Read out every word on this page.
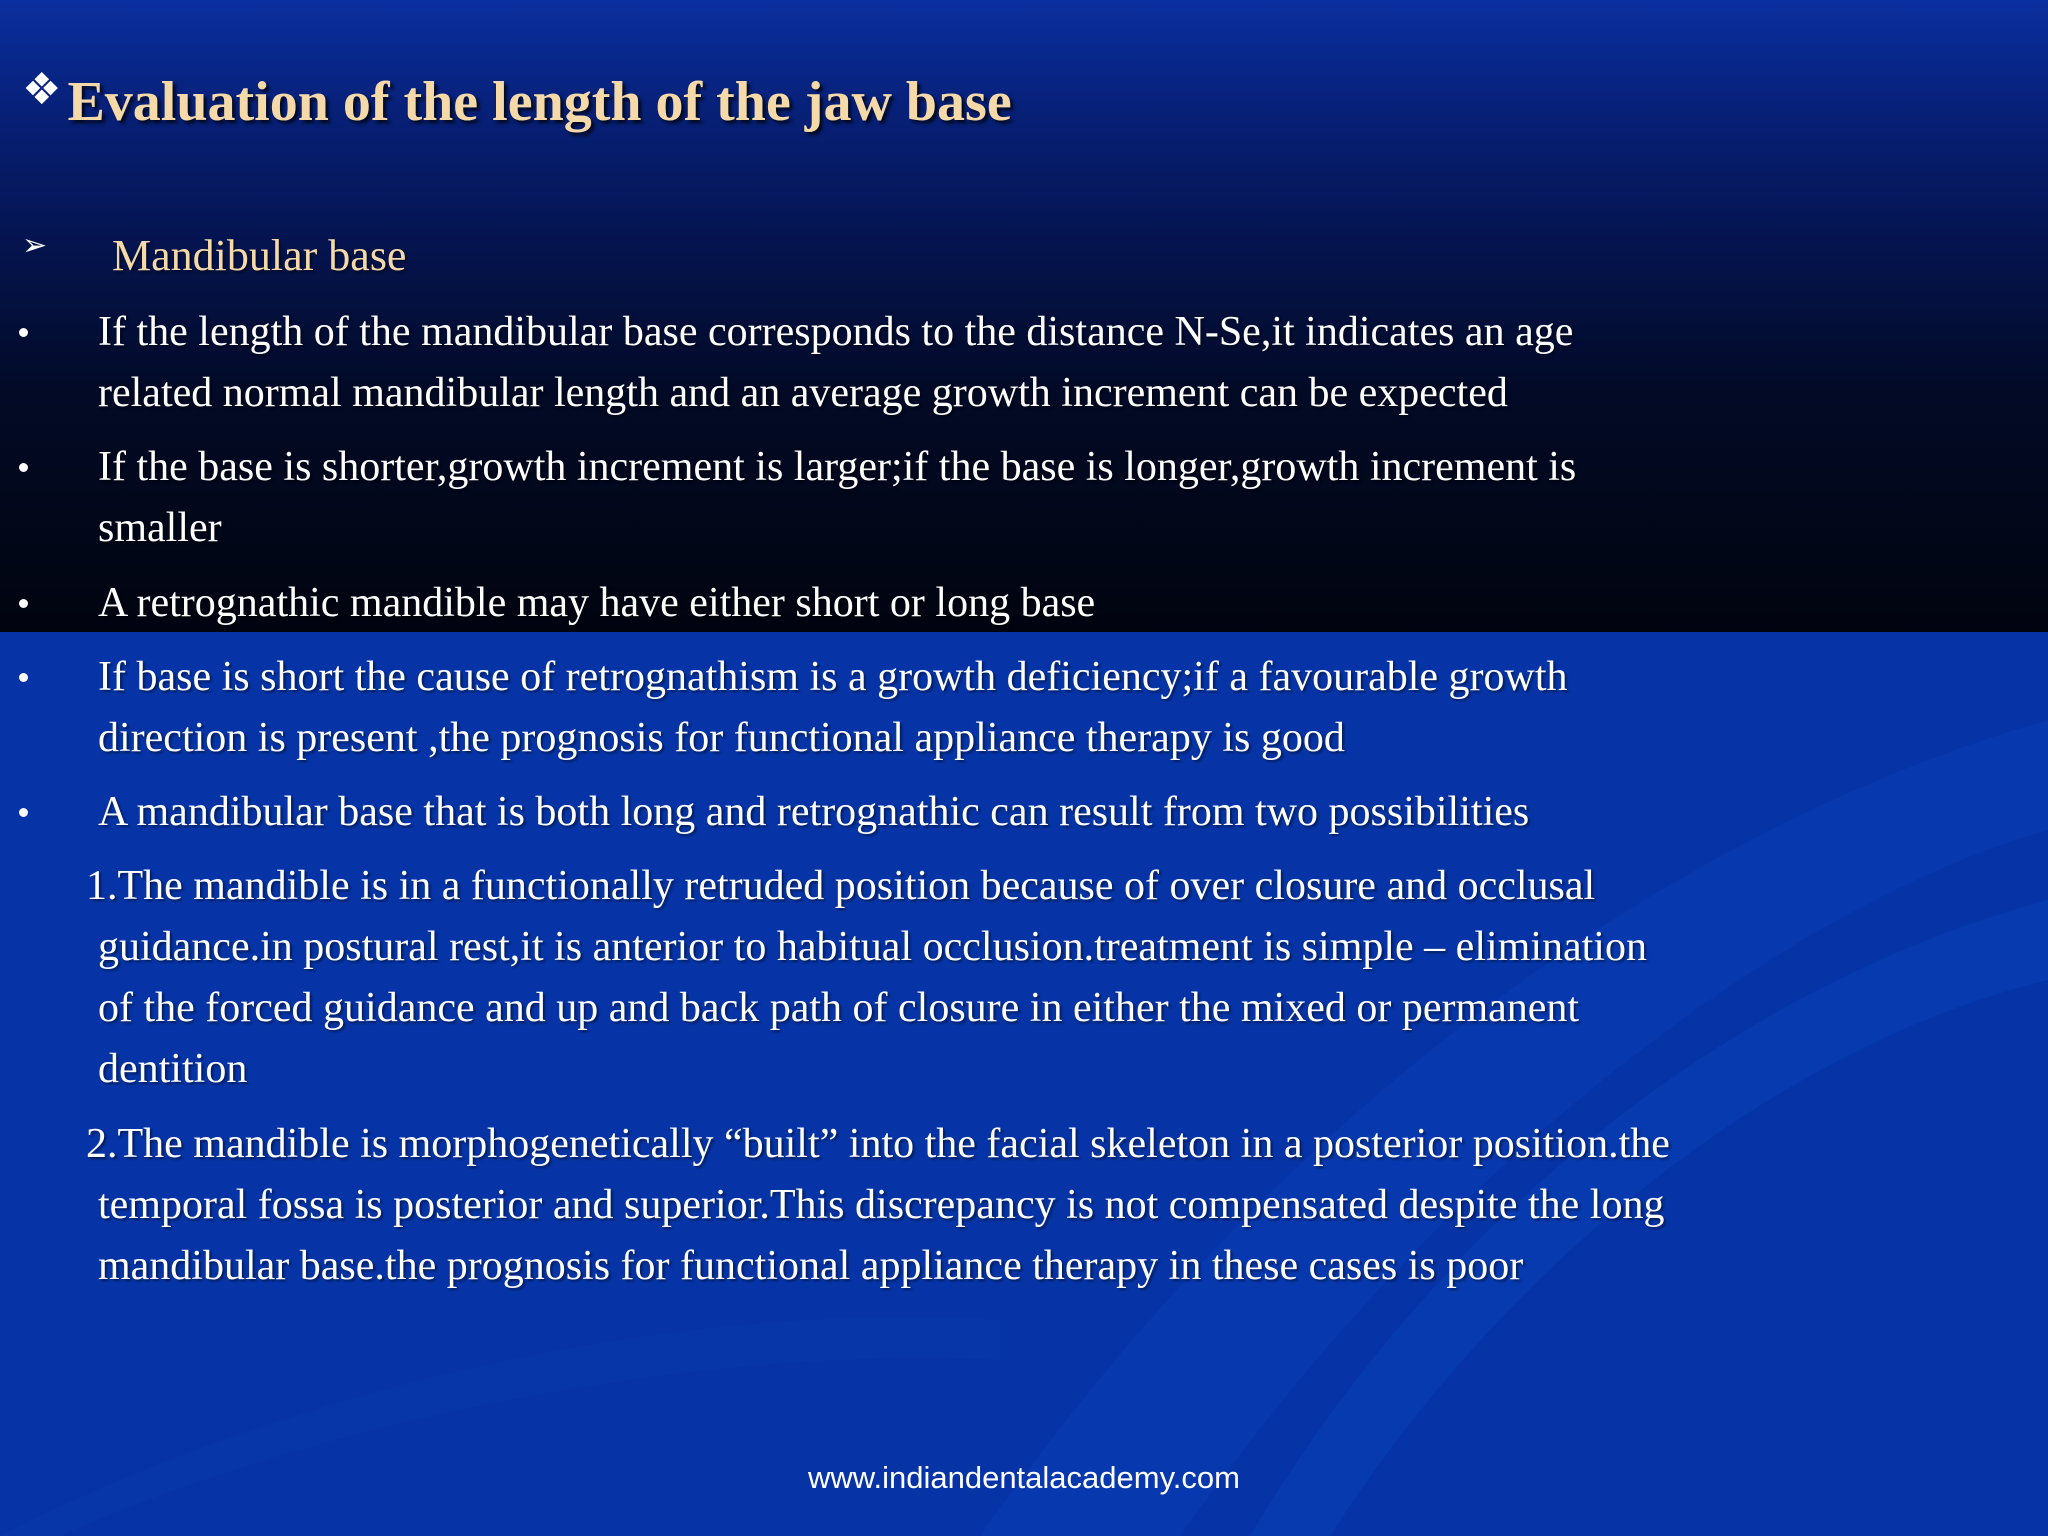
❖ Evaluation of the length of the jaw base
➢ Mandibular base
If the length of the mandibular base corresponds to the distance N-Se,it indicates an age
related normal mandibular length and an average growth increment can be expected
If the base is shorter,growth increment is larger;if the base is longer,growth increment is
smaller
A retrognathic mandible may have either short or long base
If base is short the cause of retrognathism is a growth deficiency;if a favourable growth
direction is present ,the prognosis for functional appliance therapy is good
A mandibular base that is both long and retrognathic can result from two possibilities
1.The mandible is in a functionally retruded position because of over closure and occlusal
guidance.in postural rest,it is anterior to habitual occlusion.treatment is simple – elimination
of the forced guidance and up and back path of closure in either the mixed or permanent
dentition
2.The mandible is morphogenetically “built” into the facial skeleton in a posterior position.the
temporal fossa is posterior and superior.This discrepancy is not compensated despite the long
mandibular base.the prognosis for functional appliance therapy in these cases is poor
www.indiandentalacademy.com
